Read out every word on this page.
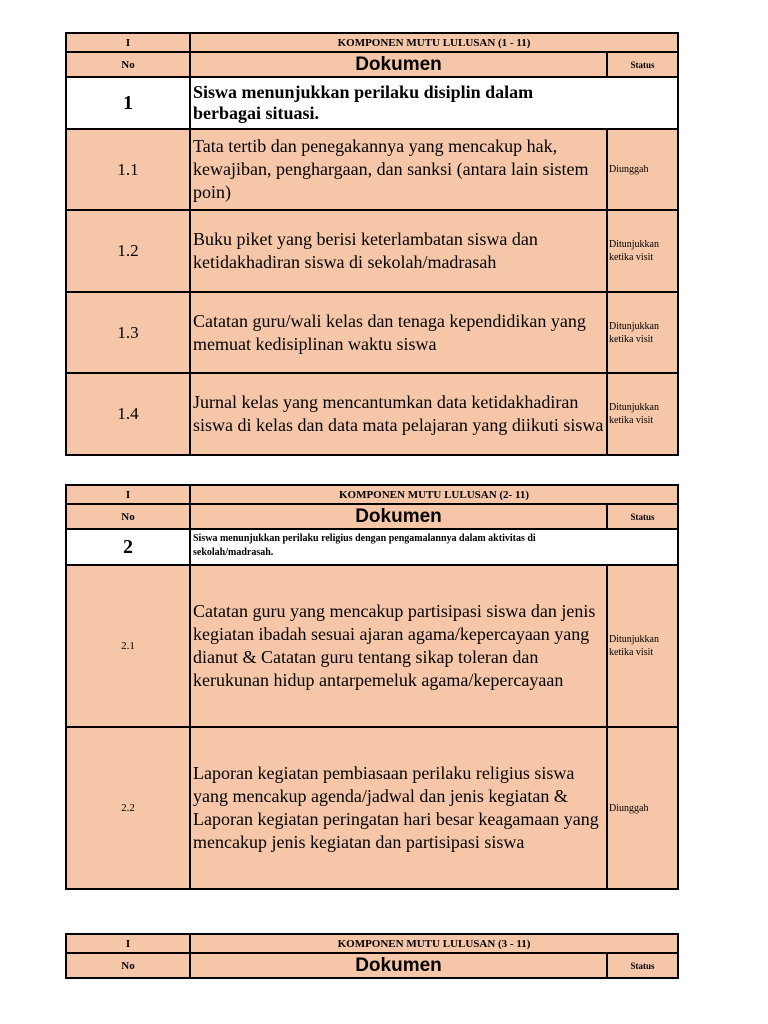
I	KOMPONEN MUTU LULUSAN (1 - 11)	
No	Dokumen	Status
1	Siswa menunjukkan perilaku disiplin dalam berbagai situasi.	

1.1	Tata tertib dan penegakannya yang mencakup hak, kewajiban, penghargaan, dan sanksi (antara lain sistem poin)	Diunggah
1.2	Buku piket yang berisi keterlambatan siswa dan ketidakhadiran siswa di sekolah/madrasah	Ditunjukkan ketika visit
1.3	Catatan guru/wali kelas dan tenaga kependidikan yang memuat kedisiplinan waktu siswa	Ditunjukkan ketika visit
1.4	Jurnal kelas yang mencantumkan data ketidakhadiran siswa di kelas dan data mata pelajaran yang diikuti siswa	Ditunjukkan ketika visit
I	KOMPONEN MUTU LULUSAN (2- 11)	
No	Dokumen	Status
2	Siswa menunjukkan perilaku religius dengan pengamalannya dalam aktivitas di sekolah/madrasah.	

2.1	Catatan guru yang mencakup partisipasi siswa dan jenis kegiatan ibadah sesuai ajaran agama/kepercayaan yang dianut & Catatan guru tentang sikap toleran dan kerukunan hidup antarpemeluk agama/kepercayaan	Ditunjukkan ketika visit
2.2	Laporan kegiatan pembiasaan perilaku religius siswa yang mencakup agenda/jadwal dan jenis kegiatan & Laporan kegiatan peringatan hari besar keagamaan yang mencakup jenis kegiatan dan partisipasi siswa	Diunggah
I	KOMPONEN MUTU LULUSAN (3 - 11)	
No	Dokumen	Status
